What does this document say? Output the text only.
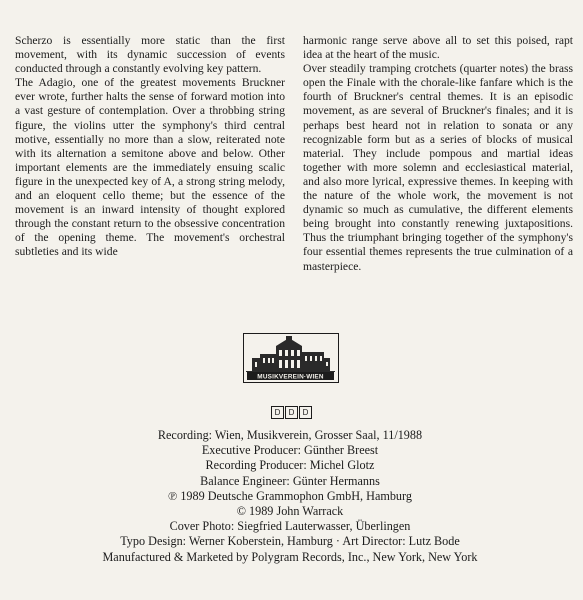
Scherzo is essentially more static than the first movement, with its dynamic succession of events conducted through a constantly evolving key pattern.

The Adagio, one of the greatest movements Bruckner ever wrote, further halts the sense of forward motion into a vast gesture of contemplation. Over a throbbing string figure, the violins utter the symphony's third central motive, essentially no more than a slow, reiterated note with its alternation a semitone above and below. Other important elements are the immediately ensuing scalic figure in the unexpected key of A, a strong string melody, and an eloquent cello theme; but the essence of the movement is an inward intensity of thought explored through the constant return to the obsessive concentration of the opening theme. The movement's orchestral subtleties and its wide

harmonic range serve above all to set this poised, rapt idea at the heart of the music.

Over steadily tramping crotchets (quarter notes) the brass open the Finale with the chorale-like fanfare which is the fourth of Bruckner's central themes. It is an episodic movement, as are several of Bruckner's finales; and it is perhaps best heard not in relation to sonata or any recognizable form but as a series of blocks of musical material. They include pompous and martial ideas together with more solemn and ecclesiastical material, and also more lyrical, expressive themes. In keeping with the nature of the whole work, the movement is not dynamic so much as cumulative, the different elements being brought into constantly renewing juxtapositions. Thus the triumphant bringing together of the symphony's four essential themes represents the true culmination of a masterpiece.

MUSIKVEREIN·WIEN
D	D	D
Recording: Wien, Musikverein, Grosser Saal, 11/1988
Executive Producer: Günther Breest
Recording Producer: Michel Glotz
Balance Engineer: Günter Hermanns
℗ 1989 Deutsche Grammophon GmbH, Hamburg
© 1989 John Warrack
Cover Photo: Siegfried Lauterwasser, Überlingen
Typo Design: Werner Koberstein, Hamburg · Art Director: Lutz Bode
Manufactured & Marketed by Polygram Records, Inc., New York, New York
